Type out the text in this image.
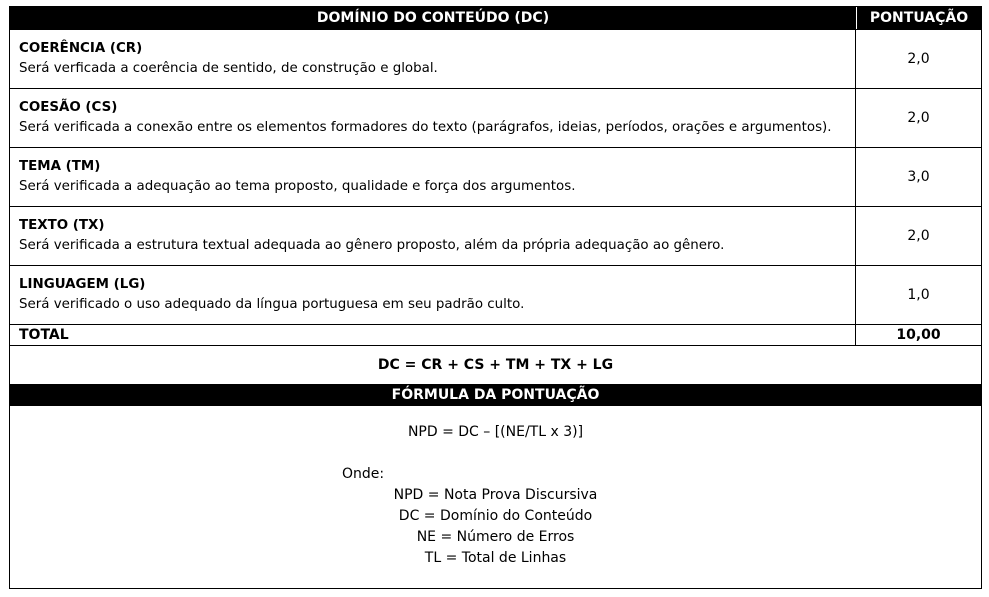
DOMÍNIO DO CONTEÚDO (DC)	PONTUAÇÃO
COERÊNCIA (CR)
Será verficada a coerência de sentido, de construção e global.
2,0
COESÃO (CS)
Será verificada a conexão entre os elementos formadores do texto (parágrafos, ideias, períodos, orações e argumentos).
2,0
TEMA (TM)
Será verificada a adequação ao tema proposto, qualidade e força dos argumentos.
3,0
TEXTO (TX)
Será verificada a estrutura textual adequada ao gênero proposto, além da própria adequação ao gênero.
2,0
LINGUAGEM (LG)
Será verificado o uso adequado da língua portuguesa em seu padrão culto.
1,0
TOTAL	10,00
DC = CR + CS + TM + TX + LG
FÓRMULA DA PONTUAÇÃO
NPD = DC – [(NE/TL x 3)]
Onde:
NPD = Nota Prova Discursiva
DC = Domínio do Conteúdo
NE = Número de Erros
TL = Total de Linhas
